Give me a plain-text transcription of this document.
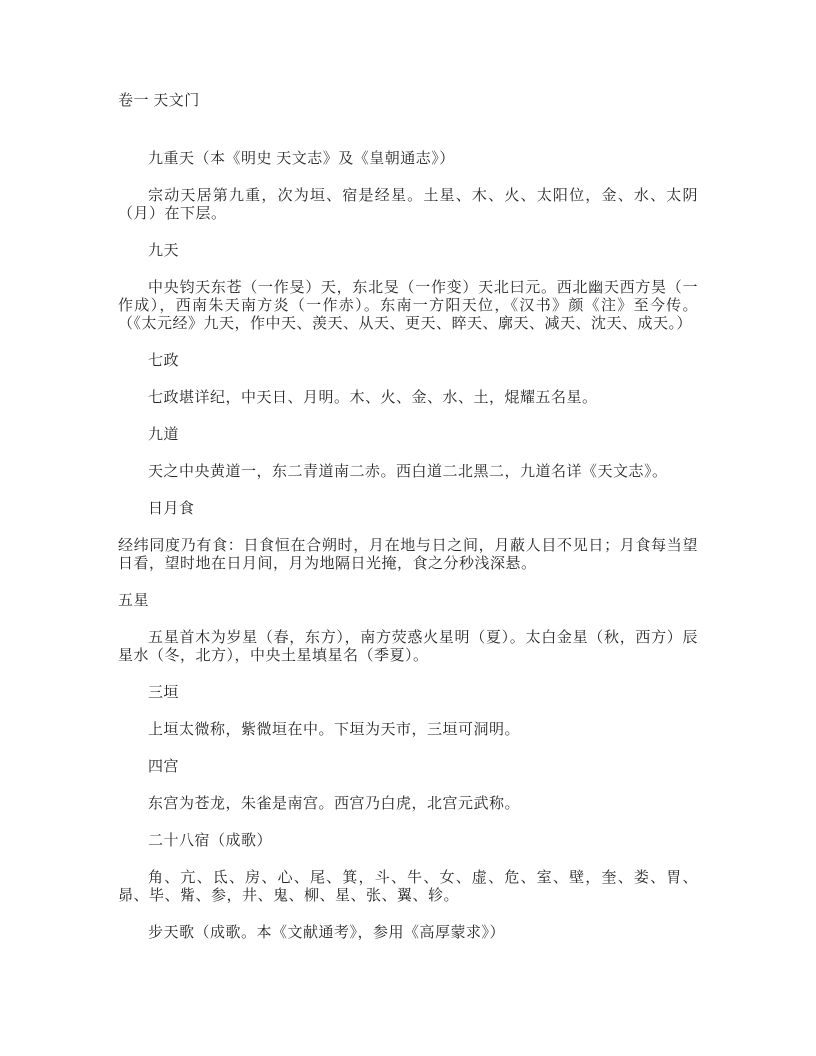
卷一 天文门

九重天（本《明史 天文志》及《皇朝通志》）

宗动天居第九重，次为垣、宿是经星。土星、木、火、太阳位，金、水、太阴（月）在下层。

九天

中央钧天东苍（一作旻）天，东北旻（一作变）天北曰元。西北幽天西方昊（一作成），西南朱天南方炎（一作赤）。东南一方阳天位，《汉书》颜《注》至今传。（《太元经》九天，作中天、羡天、从天、更天、睟天、廓天、减天、沈天、成天。）

七政

七政堪详纪，中天日、月明。木、火、金、水、土，焜耀五名星。

九道

天之中央黄道一，东二青道南二赤。西白道二北黑二，九道名详《天文志》。

日月食

经纬同度乃有食：日食恒在合朔时，月在地与日之间，月蔽人目不见日；月食每当望日看，望时地在日月间，月为地隔日光掩，食之分秒浅深悬。

五星

五星首木为岁星（春，东方），南方荧惑火星明（夏）。太白金星（秋，西方）辰星水（冬，北方），中央土星填星名（季夏）。

三垣

上垣太微称，紫微垣在中。下垣为天市，三垣可洞明。

四宫

东宫为苍龙，朱雀是南宫。西宫乃白虎，北宫元武称。

二十八宿（成歌）

角、亢、氐、房、心、尾、箕，斗、牛、女、虚、危、室、壁，奎、娄、胃、昴、毕、觜、参，井、鬼、柳、星、张、翼、轸。

步天歌（成歌。本《文献通考》，参用《高厚蒙求》）
